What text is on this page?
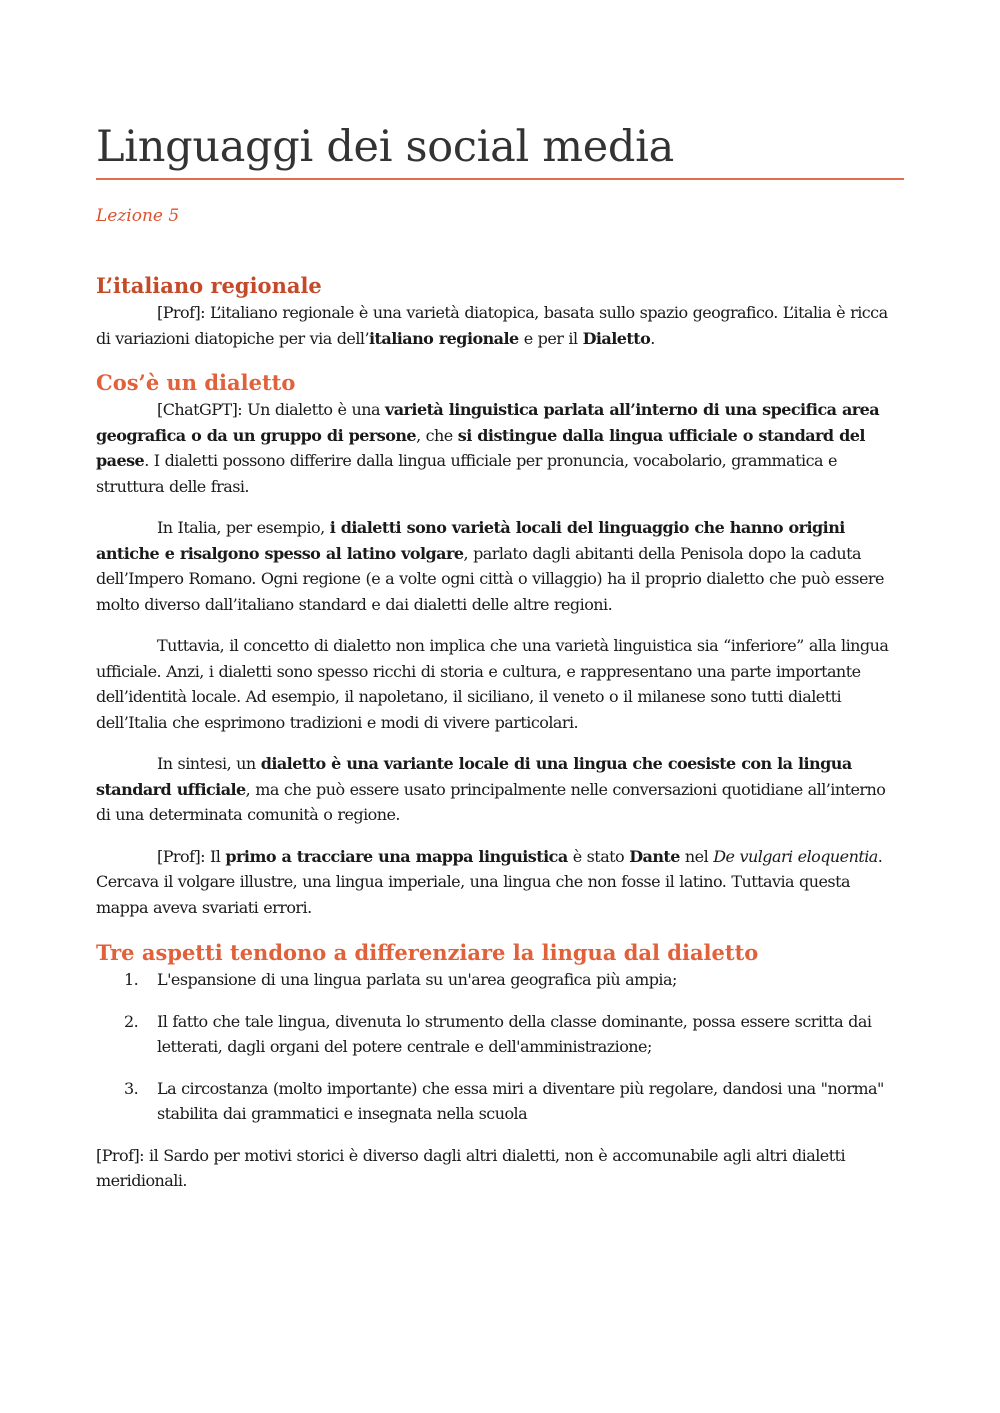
Linguaggi dei social media
Lezione 5
L’italiano regionale

[Prof]: L’italiano regionale è una varietà diatopica, basata sullo spazio geografico. L’italia è ricca di variazioni diatopiche per via dell’italiano regionale e per il Dialetto.

Cos’è un dialetto

[ChatGPT]: Un dialetto è una varietà linguistica parlata all’interno di una specifica area geografica o da un gruppo di persone, che si distingue dalla lingua ufficiale o standard del paese. I dialetti possono differire dalla lingua ufficiale per pronuncia, vocabolario, grammatica e struttura delle frasi.

In Italia, per esempio, i dialetti sono varietà locali del linguaggio che hanno origini antiche e risalgono spesso al latino volgare, parlato dagli abitanti della Penisola dopo la caduta dell’Impero Romano. Ogni regione (e a volte ogni città o villaggio) ha il proprio dialetto che può essere molto diverso dall’italiano standard e dai dialetti delle altre regioni.

Tuttavia, il concetto di dialetto non implica che una varietà linguistica sia “inferiore” alla lingua ufficiale. Anzi, i dialetti sono spesso ricchi di storia e cultura, e rappresentano una parte importante dell’identità locale. Ad esempio, il napoletano, il siciliano, il veneto o il milanese sono tutti dialetti dell’Italia che esprimono tradizioni e modi di vivere particolari.

In sintesi, un dialetto è una variante locale di una lingua che coesiste con la lingua standard ufficiale, ma che può essere usato principalmente nelle conversazioni quotidiane all’interno di una determinata comunità o regione.

[Prof]: Il primo a tracciare una mappa linguistica è stato Dante nel De vulgari eloquentia. Cercava il volgare illustre, una lingua imperiale, una lingua che non fosse il latino. Tuttavia questa mappa aveva svariati errori.

Tre aspetti tendono a differenziare la lingua dal dialetto
1. L'espansione di una lingua parlata su un'area geografica più ampia;
2. Il fatto che tale lingua, divenuta lo strumento della classe dominante, possa essere scritta dai letterati, dagli organi del potere centrale e dell'amministrazione;
3. La circostanza (molto importante) che essa miri a diventare più regolare, dandosi una "norma" stabilita dai grammatici e insegnata nella scuola

[Prof]: il Sardo per motivi storici è diverso dagli altri dialetti, non è accomunabile agli altri dialetti meridionali.
